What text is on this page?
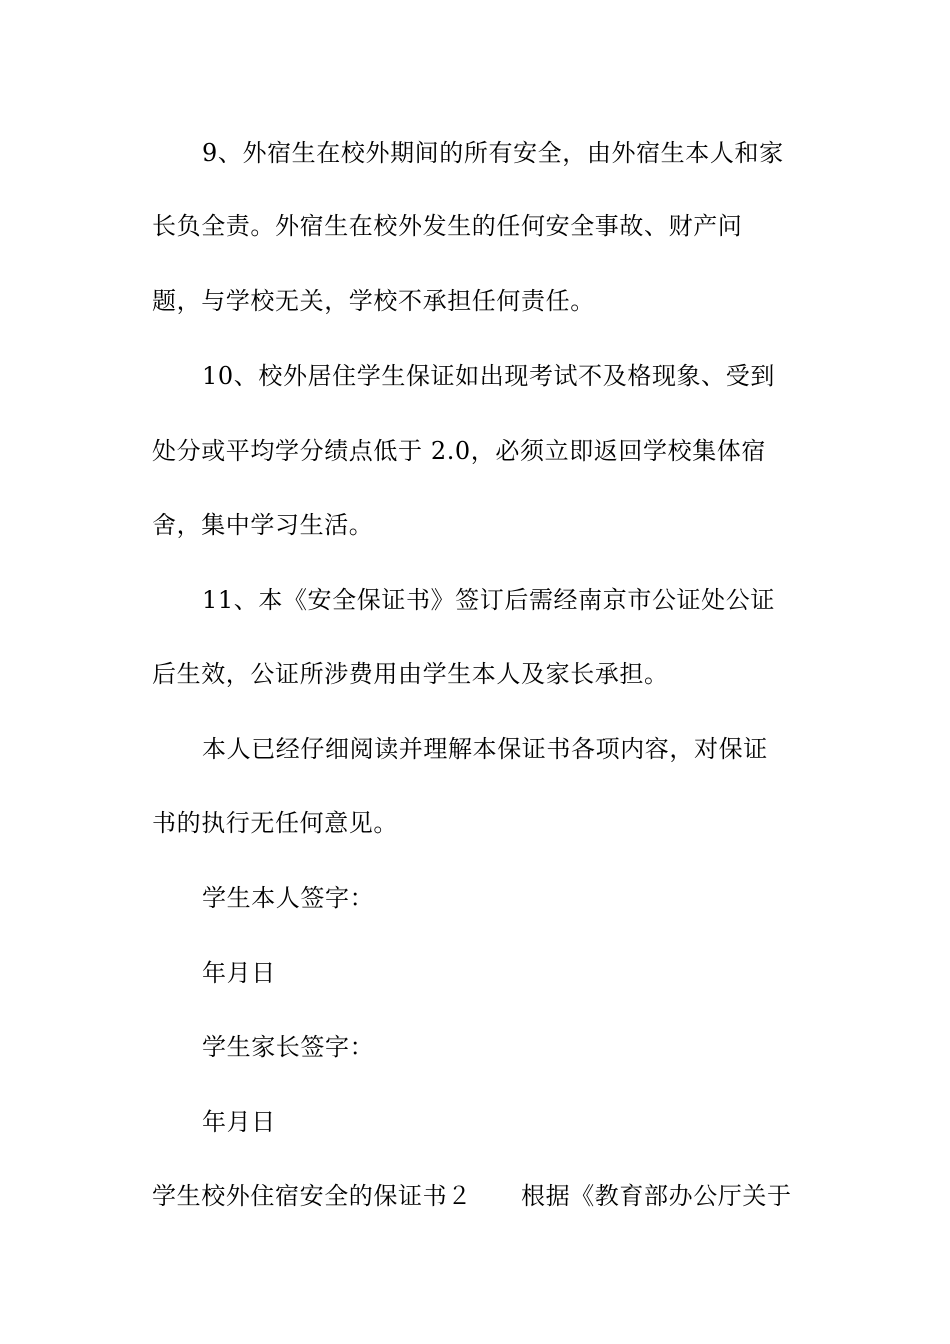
9、外宿生在校外期间的所有安全，由外宿生本人和家
长负全责。外宿生在校外发生的任何安全事故、财产问
题，与学校无关，学校不承担任何责任。
10、校外居住学生保证如出现考试不及格现象、受到
处分或平均学分绩点低于 2.0，必须立即返回学校集体宿
舍，集中学习生活。
11、本《安全保证书》签订后需经南京市公证处公证
后生效，公证所涉费用由学生本人及家长承担。
本人已经仔细阅读并理解本保证书各项内容，对保证
书的执行无任何意见。
学生本人签字：
年月日
学生家长签字：
年月日
学生校外住宿安全的保证书２　　根据《教育部办公厅关于
